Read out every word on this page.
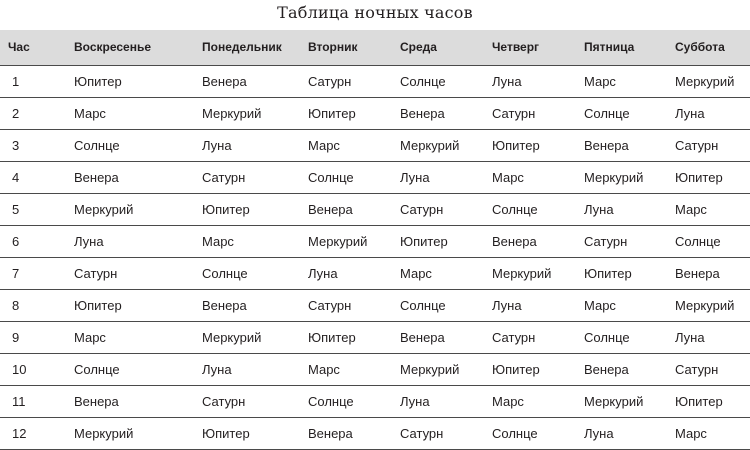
Таблица ночных часов
Час	Воскресенье	Понедельник	Вторник	Среда	Четверг	Пятница	Суббота
1	Юпитер	Венера	Сатурн	Солнце	Луна	Марс	Меркурий
2	Марс	Меркурий	Юпитер	Венера	Сатурн	Солнце	Луна
3	Солнце	Луна	Марс	Меркурий	Юпитер	Венера	Сатурн
4	Венера	Сатурн	Солнце	Луна	Марс	Меркурий	Юпитер
5	Меркурий	Юпитер	Венера	Сатурн	Солнце	Луна	Марс
6	Луна	Марс	Меркурий	Юпитер	Венера	Сатурн	Солнце
7	Сатурн	Солнце	Луна	Марс	Меркурий	Юпитер	Венера
8	Юпитер	Венера	Сатурн	Солнце	Луна	Марс	Меркурий
9	Марс	Меркурий	Юпитер	Венера	Сатурн	Солнце	Луна
10	Солнце	Луна	Марс	Меркурий	Юпитер	Венера	Сатурн
11	Венера	Сатурн	Солнце	Луна	Марс	Меркурий	Юпитер
12	Меркурий	Юпитер	Венера	Сатурн	Солнце	Луна	Марс
